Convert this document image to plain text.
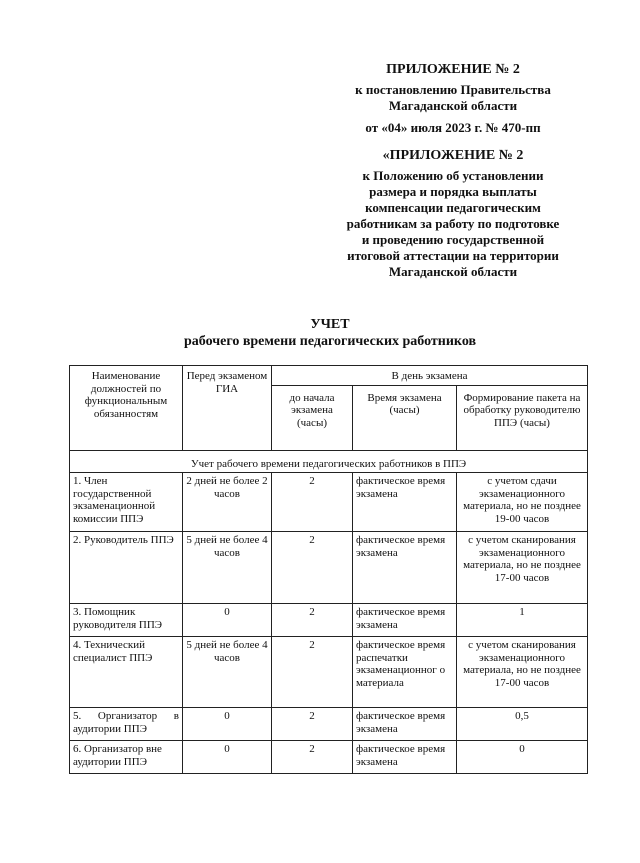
ПРИЛОЖЕНИЕ № 2
к постановлению Правительства
Магаданской области
от «04» июля 2023 г. № 470-пп
«ПРИЛОЖЕНИЕ № 2
к Положению об установлении
размера и порядка выплаты
компенсации педагогическим
работникам за работу по подготовке
и проведению государственной
итоговой аттестации на территории
Магаданской области
УЧЕТ
рабочего времени педагогических работников
Наименование должностей по функциональным обязанностям	Перед экзаменом ГИА	В день экзамена		
		до начала экзамена (часы)	Время экзамена (часы)	Формирование пакета на обработку руководителю ППЭ (часы)
Учет рабочего времени педагогических работников в ППЭ				
1. Член государственной экзаменационной комиссии ППЭ	2 дней не более 2 часов	2	фактическое время экзамена	с учетом сдачи экзаменационного материала, но не позднее 19-00 часов
2. Руководитель ППЭ	5 дней не более 4 часов	2	фактическое время экзамена	с учетом сканирования экзаменационного материала, но не позднее 17-00 часов
3. Помощник руководителя ППЭ	0	2	фактическое время экзамена	1
4. Технический специалист ППЭ	5 дней не более 4 часов	2	фактическое время распечатки экзаменационног о материала	с учетом сканирования экзаменационного материала, но не позднее 17-00 часов
5. Организатор в аудитории ППЭ	0	2	фактическое время экзамена	0,5
6. Организатор вне аудитории ППЭ	0	2	фактическое время экзамена	0
